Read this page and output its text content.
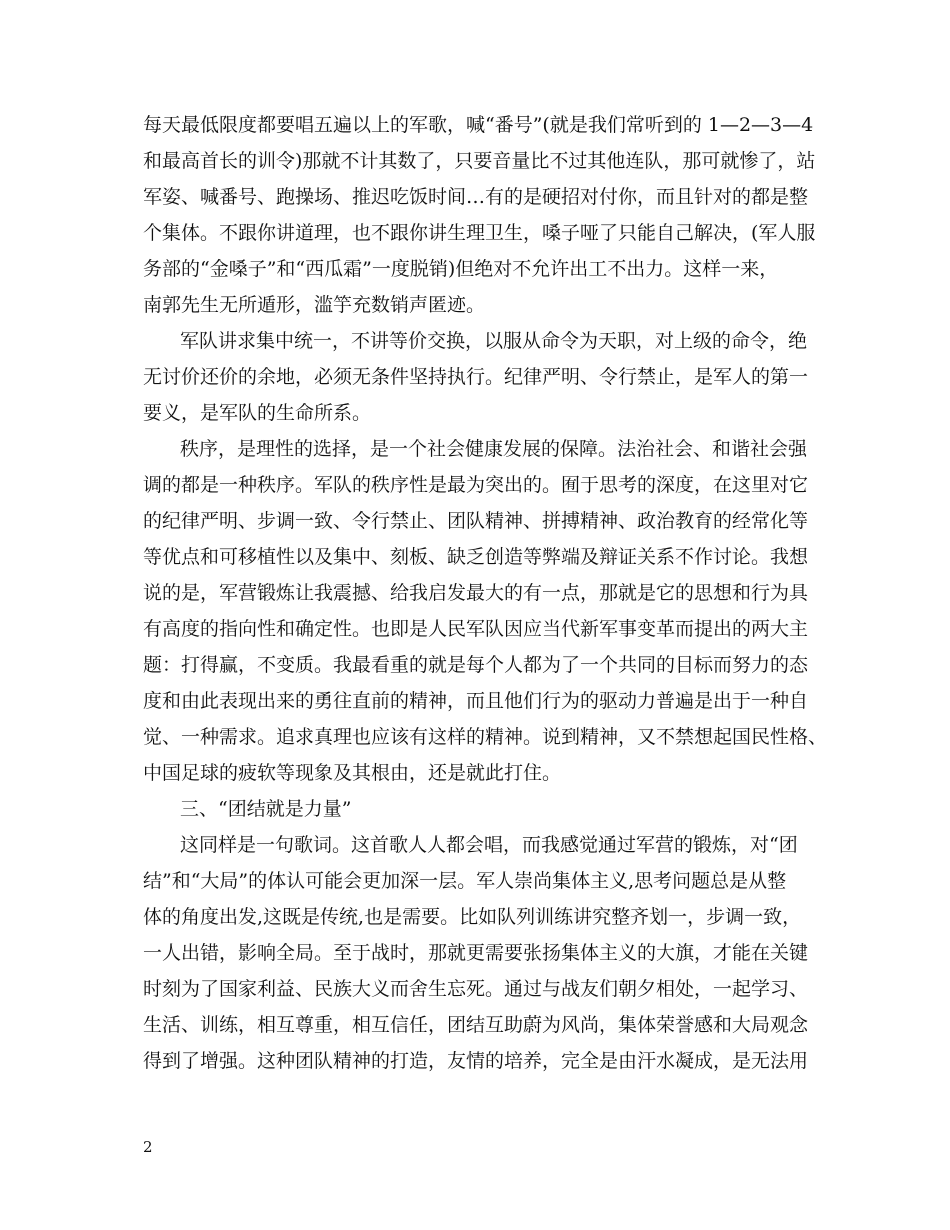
每天最低限度都要唱五遍以上的军歌，喊“番号”(就是我们常听到的 1—2—3—4
和最高首长的训令)那就不计其数了，只要音量比不过其他连队，那可就惨了，站
军姿、喊番号、跑操场、推迟吃饭时间…有的是硬招对付你，而且针对的都是整
个集体。不跟你讲道理，也不跟你讲生理卫生，嗓子哑了只能自己解决，(军人服
务部的“金嗓子”和“西瓜霜”一度脱销)但绝对不允许出工不出力。这样一来，
南郭先生无所遁形，滥竽充数销声匿迹。
军队讲求集中统一，不讲等价交换，以服从命令为天职，对上级的命令，绝
无讨价还价的余地，必须无条件坚持执行。纪律严明、令行禁止，是军人的第一
要义，是军队的生命所系。
秩序，是理性的选择，是一个社会健康发展的保障。法治社会、和谐社会强
调的都是一种秩序。军队的秩序性是最为突出的。囿于思考的深度，在这里对它
的纪律严明、步调一致、令行禁止、团队精神、拼搏精神、政治教育的经常化等
等优点和可移植性以及集中、刻板、缺乏创造等弊端及辩证关系不作讨论。我想
说的是，军营锻炼让我震撼、给我启发最大的有一点，那就是它的思想和行为具
有高度的指向性和确定性。也即是人民军队因应当代新军事变革而提出的两大主
题：打得赢，不变质。我最看重的就是每个人都为了一个共同的目标而努力的态
度和由此表现出来的勇往直前的精神，而且他们行为的驱动力普遍是出于一种自
觉、一种需求。追求真理也应该有这样的精神。说到精神，又不禁想起国民性格、
中国足球的疲软等现象及其根由，还是就此打住。
三、“团结就是力量”
这同样是一句歌词。这首歌人人都会唱，而我感觉通过军营的锻炼，对“团
结”和“大局”的体认可能会更加深一层。军人崇尚集体主义,思考问题总是从整
体的角度出发,这既是传统,也是需要。比如队列训练讲究整齐划一，步调一致，
一人出错，影响全局。至于战时，那就更需要张扬集体主义的大旗，才能在关键
时刻为了国家利益、民族大义而舍生忘死。通过与战友们朝夕相处，一起学习、
生活、训练，相互尊重，相互信任，团结互助蔚为风尚，集体荣誉感和大局观念
得到了增强。这种团队精神的打造，友情的培养，完全是由汗水凝成，是无法用
2
